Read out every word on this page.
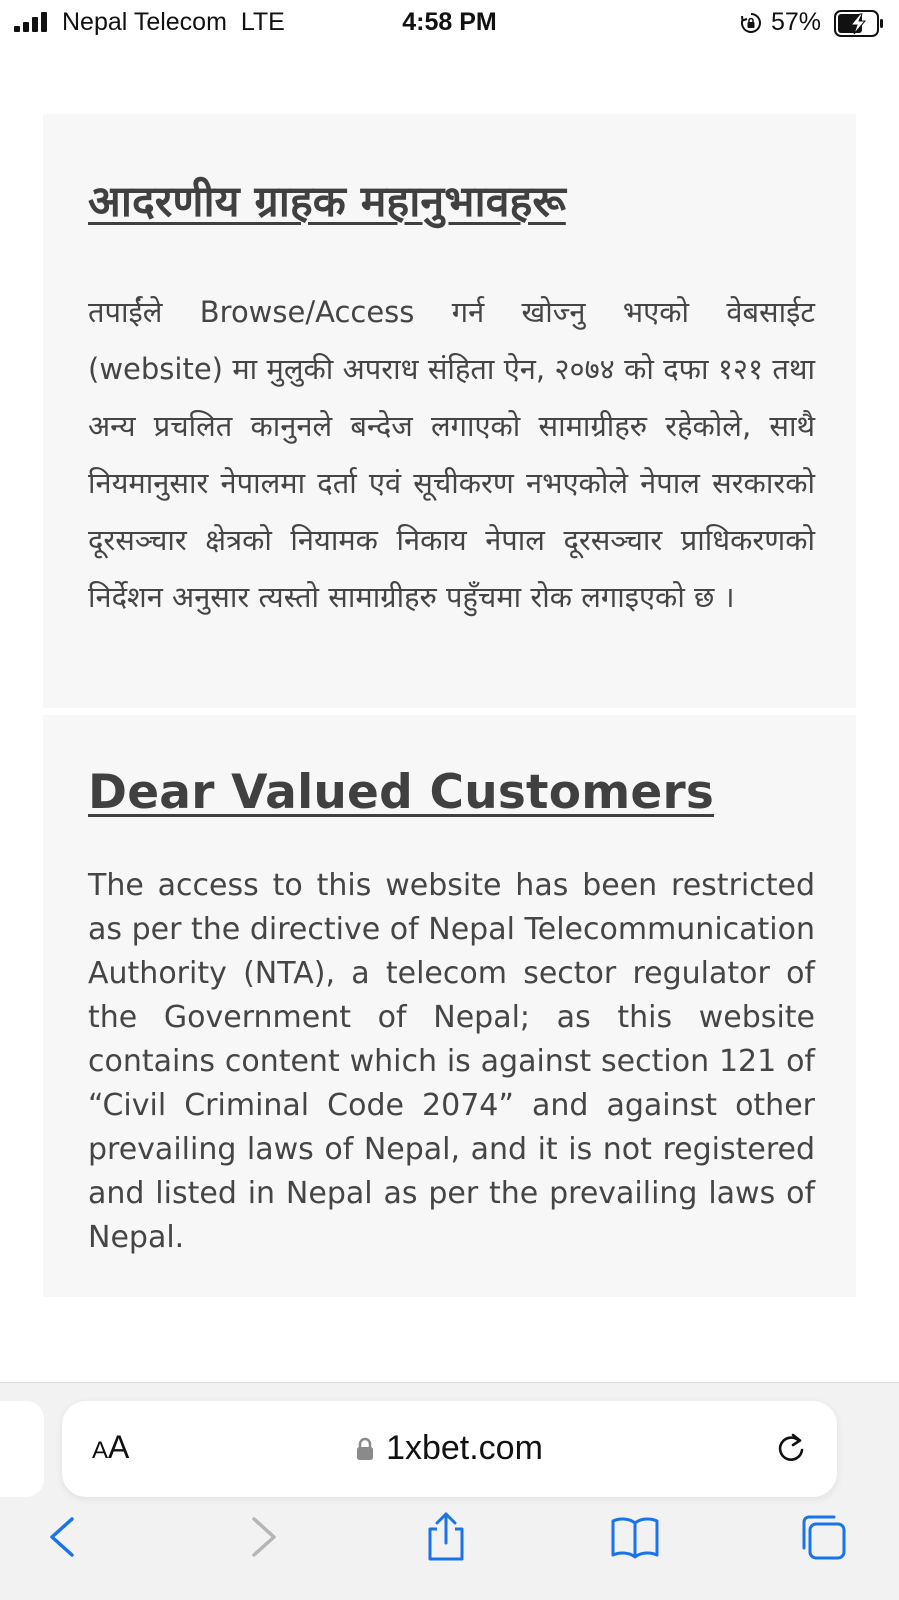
Nepal Telecom LTE	4:58 PM	57%
आदरणीय ग्राहक महानुभावहरू

तपाईंले Browse/Access गर्न खोज्नु भएको वेबसाईट (website) मा मुलुकी अपराध संहिता ऐन, २०७४ को दफा १२१ तथा अन्य प्रचलित कानुनले बन्देज लगाएको सामाग्रीहरु रहेकोले, साथै नियमानुसार नेपालमा दर्ता एवं सूचीकरण नभएकोले नेपाल सरकारको दूरसञ्चार क्षेत्रको नियामक निकाय नेपाल दूरसञ्चार प्राधिकरणको निर्देशन अनुसार त्यस्तो सामाग्रीहरु पहुँचमा रोक लगाइएको छ ।

Dear Valued Customers

The access to this website has been restricted as per the directive of Nepal Telecommunication Authority (NTA), a telecom sector regulator of the Government of Nepal; as this website contains content which is against section 121 of “Civil Criminal Code 2074” and against other prevailing laws of Nepal, and it is not registered and listed in Nepal as per the prevailing laws of Nepal.

AA	1xbet.com
